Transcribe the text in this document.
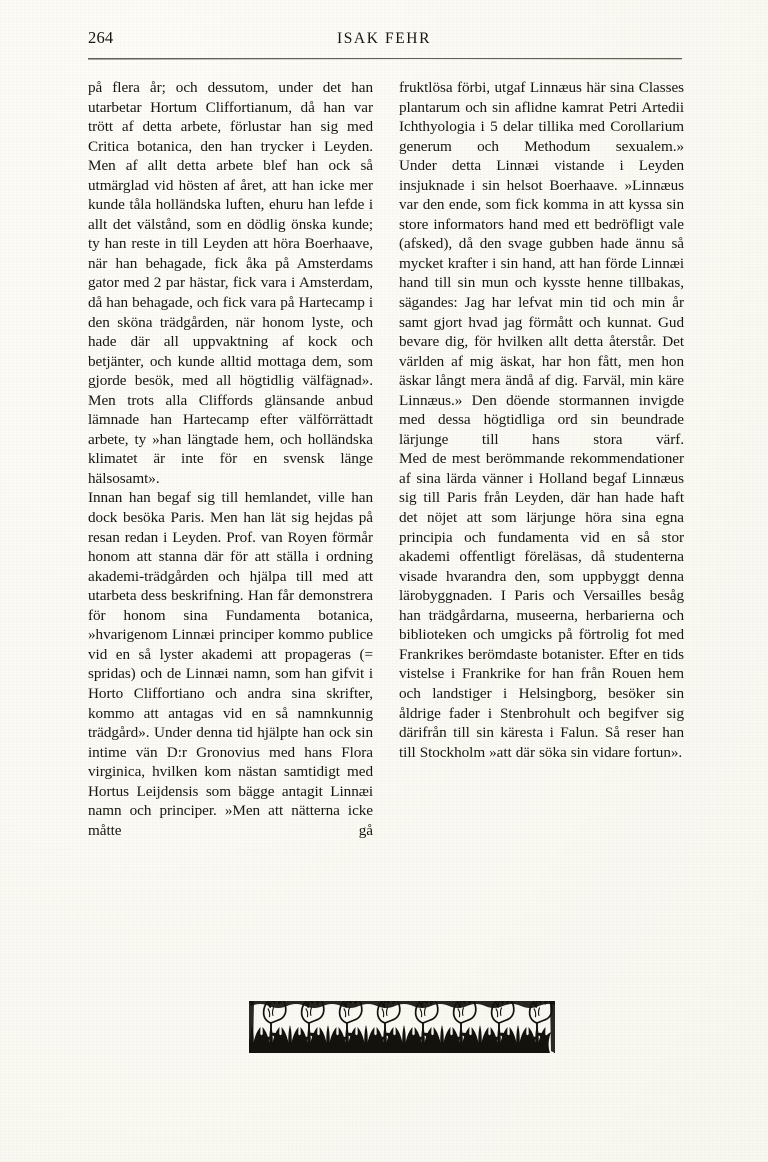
264	ISAK FEHR

på flera år; och dessutom, under det han utarbetar Hortum Cliffortianum, då han var trött af detta arbete, förlustar han sig med Critica botanica, den han trycker i Leyden. Men af allt detta arbete blef han ock så utmärglad vid hösten af året, att han icke mer kunde tåla holländska luften, ehuru han lefde i allt det välstånd, som en dödlig önska kunde; ty han reste in till Leyden att höra Boerhaave, när han behagade, fick åka på Amsterdams gator med 2 par hästar, fick vara i Amsterdam, då han behagade, och fick vara på Hartecamp i den sköna trädgården, när honom lyste, och hade där all uppvaktning af kock och betjänter, och kunde alltid mottaga dem, som gjorde besök, med all högtidlig välfägnad». Men trots alla Cliffords glänsande anbud lämnade han Hartecamp efter välförrättadt arbete, ty »han längtade hem, och holländska klimatet är inte för en svensk länge hälsosamt».

Innan han begaf sig till hemlandet, ville han dock besöka Paris. Men han lät sig hejdas på resan redan i Leyden. Prof. van Royen förmår honom att stanna där för att ställa i ordning akademi-trädgården och hjälpa till med att utarbeta dess beskrifning. Han får demonstrera för honom sina Fundamenta botanica, »hvarigenom Linnæi principer kommo publice vid en så lyster akademi att propageras (= spridas) och de Linnæi namn, som han gifvit i Horto Cliffortiano och andra sina skrifter, kommo att antagas vid en så namnkunnig trädgård». Under denna tid hjälpte han ock sin intime vän D:r Gronovius med hans Flora virginica, hvilken kom nästan samtidigt med Hortus Leijdensis som bägge antagit Linnæi namn och principer. »Men att nätterna icke måtte gå

fruktlösa förbi, utgaf Linnæus här sina Classes plantarum och sin aflidne kamrat Petri Artedii Ichthyologia i 5 delar tillika med Corollarium generum och Methodum sexualem.»

Under detta Linnæi vistande i Leyden insjuknade i sin helsot Boerhaave. »Linnæus var den ende, som fick komma in att kyssa sin store informators hand med ett bedröfligt vale (afsked), då den svage gubben hade ännu så mycket krafter i sin hand, att han förde Linnæi hand till sin mun och kysste henne tillbakas, sägandes: Jag har lefvat min tid och min år samt gjort hvad jag förmått och kunnat. Gud bevare dig, för hvilken allt detta återstår. Det världen af mig äskat, har hon fått, men hon äskar långt mera ändå af dig. Farväl, min käre Linnæus.» Den döende stormannen invigde med dessa högtidliga ord sin beundrade lärjunge till hans stora värf.

Med de mest berömmande rekommendationer af sina lärda vänner i Holland begaf Linnæus sig till Paris från Leyden, där han hade haft det nöjet att som lärjunge höra sina egna principia och fundamenta vid en så stor akademi offentligt föreläsas, då studenterna visade hvarandra den, som uppbyggt denna lärobyggnaden. I Paris och Versailles besåg han trädgårdarna, museerna, herbarierna och biblioteken och umgicks på förtrolig fot med Frankrikes berömdaste botanister. Efter en tids vistelse i Frankrike for han från Rouen hem och landstiger i Helsingborg, besöker sin åldrige fader i Stenbrohult och begifver sig därifrån till sin käresta i Falun. Så reser han till Stockholm »att där söka sin vidare fortun».
